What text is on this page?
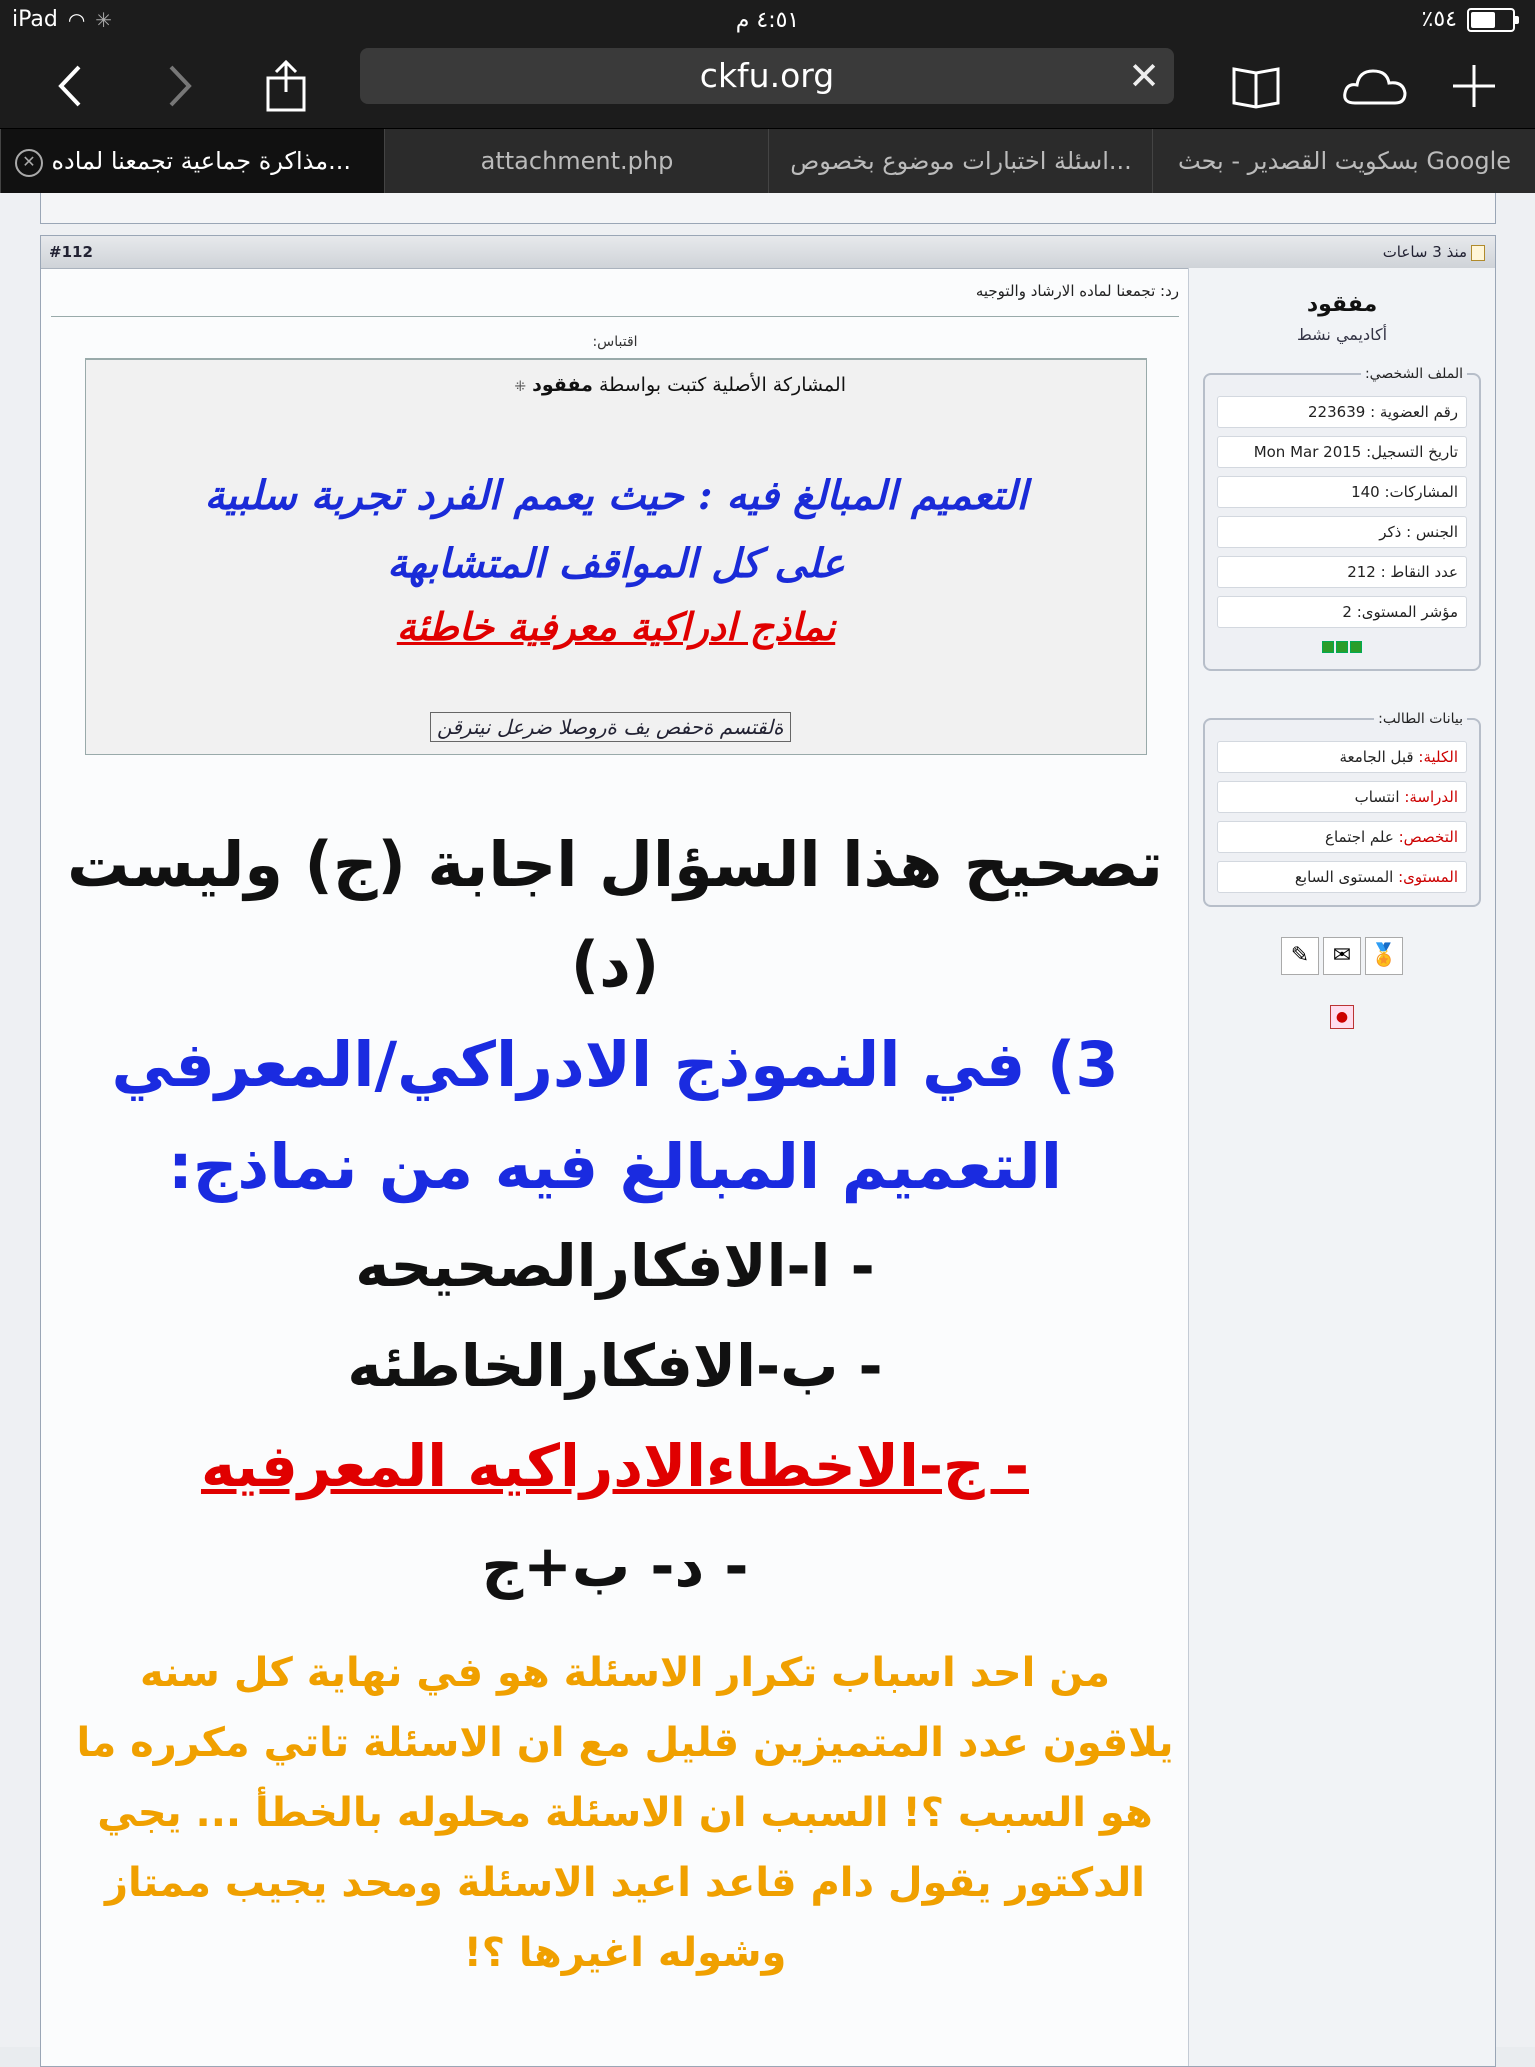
iPad ◠ ✳	٤:٥١ م	٪٥٤
ckfu.org	✕
✕ مذاكرة جماعية تجمعنا لماده...	attachment.php	اسئلة اختبارات موضوع بخصوص...	بسكويت القصدير - بحث Google
#112	منذ 3 ساعات
مفقود
أكاديمي نشط
الملف الشخصي:
رقم العضوية : 223639
تاريخ التسجيل: Mon Mar 2015
المشاركات: 140
الجنس : ذكر
عدد النقاط : 212
مؤشر المستوى: 2
بيانات الطالب:
الكلية: قبل الجامعة
الدراسة: انتساب
التخصص: علم اجتماع
المستوى: المستوى السابع
🏅✉✎
●
رد: تجمعنا لماده الارشاد والتوجيه
اقتباس:
المشاركة الأصلية كتبت بواسطة مفقود ⁜
التعميم المبالغ فيه : حيث يعمم الفرد تجربة سلبية
على كل المواقف المتشابهة
نماذج ادراكية معرفية خاطئة
ةلقتسم ةحفص يف ةروصلا ضرعل نيترقن
تصحيح هذا السؤال اجابة (ج) وليست
(د)
3) في النموذج الادراكي/المعرفي
التعميم المبالغ فيه من نماذج:
- ا-الافكارالصحيحه
- ب-الافكارالخاطئه
- ج-الاخطاءالادراكيه المعرفيه
- د- ب+ج
من احد اسباب تكرار الاسئلة هو في نهاية كل سنه يلاقون عدد المتميزين قليل مع ان الاسئلة تاتي مكرره ما هو السبب ؟! السبب ان الاسئلة محلوله بالخطأ ... يجي الدكتور يقول دام قاعد اعيد الاسئلة ومحد يجيب ممتاز وشوله اغيرها ؟!
